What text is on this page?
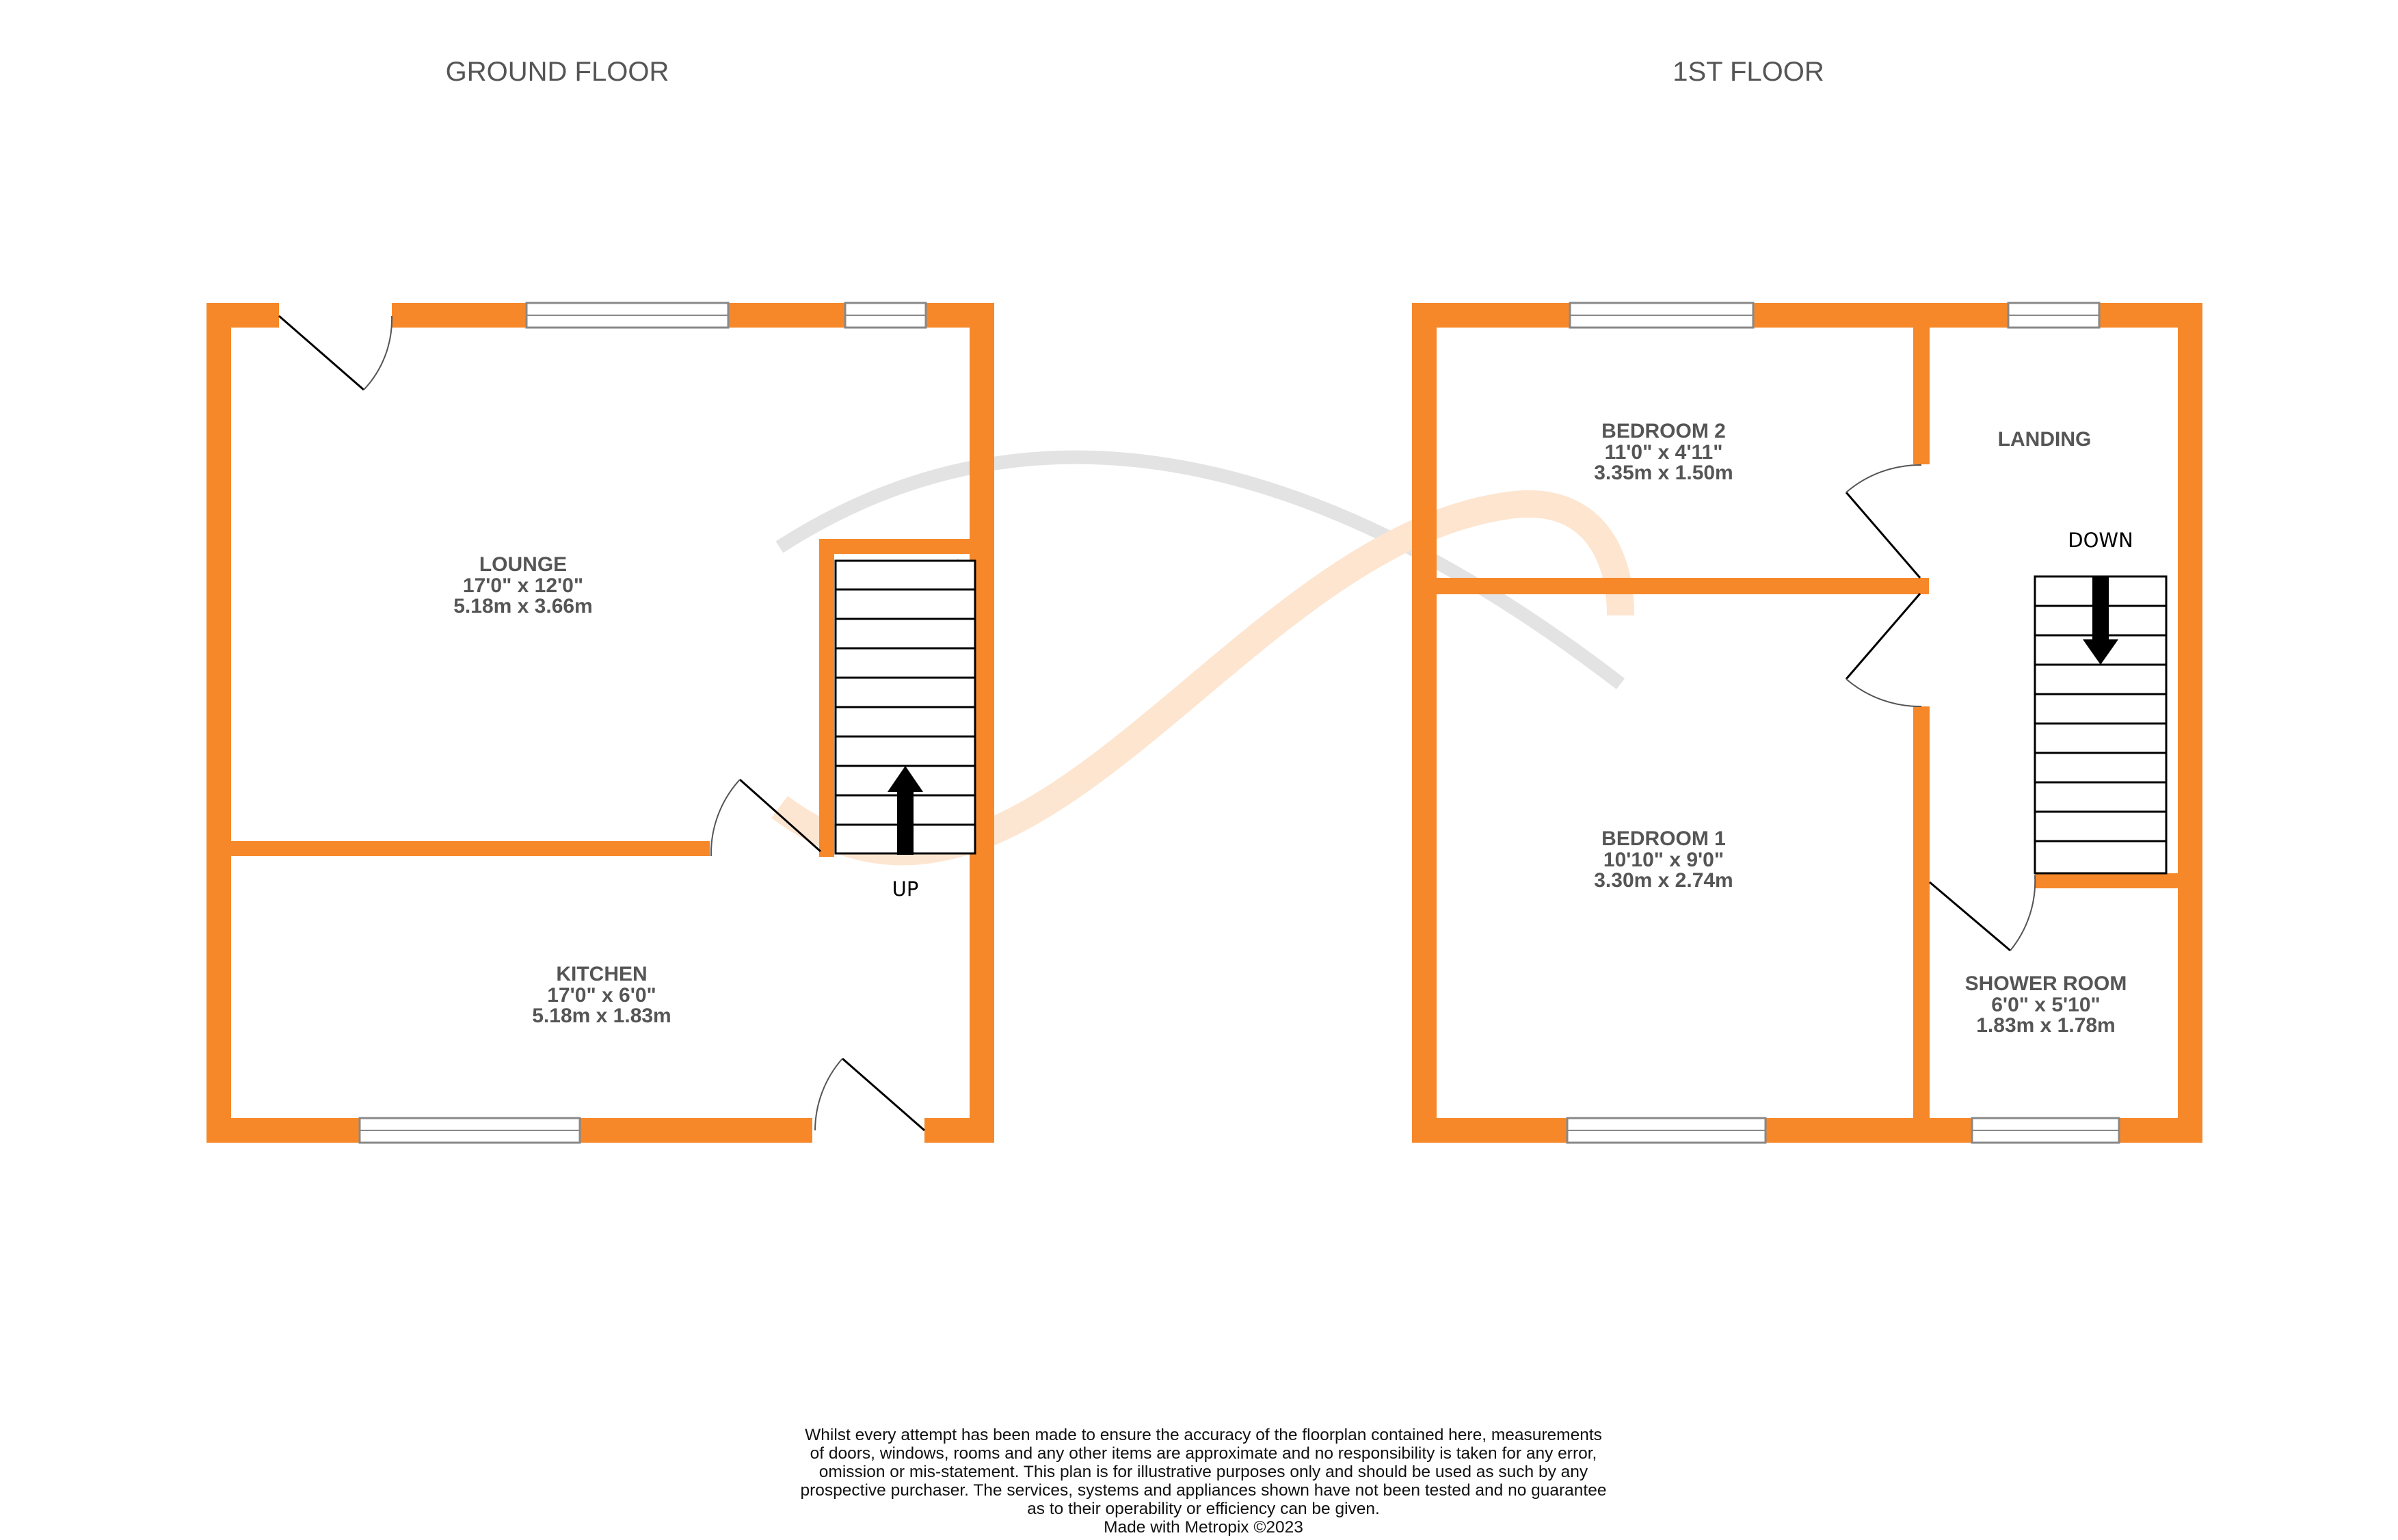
GROUND FLOOR	1ST FLOOR
UP
LOUNGE
17'0" x 12'0"
5.18m x 3.66m
KITCHEN
17'0" x 6'0"
5.18m x 1.83m
DOWN
BEDROOM 2
11'0" x 4'11"
3.35m x 1.50m
LANDING
BEDROOM 1
10'10" x 9'0"
3.30m x 2.74m
SHOWER ROOM
6'0" x 5'10"
1.83m x 1.78m
Whilst every attempt has been made to ensure the accuracy of the floorplan contained here, measurements
of doors, windows, rooms and any other items are approximate and no responsibility is taken for any error,
omission or mis-statement. This plan is for illustrative purposes only and should be used as such by any
prospective purchaser. The services, systems and appliances shown have not been tested and no guarantee
as to their operability or efficiency can be given.
Made with Metropix ©2023
